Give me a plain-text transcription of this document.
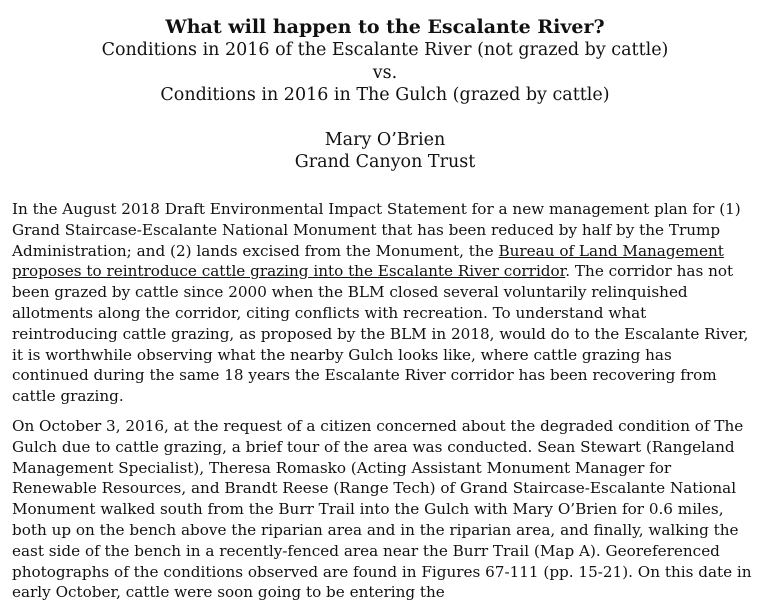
What will happen to the Escalante River?
Conditions in 2016 of the Escalante River (not grazed by cattle)
vs.
Conditions in 2016 in The Gulch (grazed by cattle)
Mary O’Brien
Grand Canyon Trust

In the August 2018 Draft Environmental Impact Statement for a new management plan for (1) Grand Staircase-Escalante National Monument that has been reduced by half by the Trump Administration; and (2) lands excised from the Monument, the Bureau of Land Management proposes to reintroduce cattle grazing into the Escalante River corridor. The corridor has not been grazed by cattle since 2000 when the BLM closed several voluntarily relinquished allotments along the corridor, citing conflicts with recreation. To understand what reintroducing cattle grazing, as proposed by the BLM in 2018, would do to the Escalante River, it is worthwhile observing what the nearby Gulch looks like, where cattle grazing has continued during the same 18 years the Escalante River corridor has been recovering from cattle grazing.

On October 3, 2016, at the request of a citizen concerned about the degraded condition of The Gulch due to cattle grazing, a brief tour of the area was conducted. Sean Stewart (Rangeland Management Specialist), Theresa Romasko (Acting Assistant Monument Manager for Renewable Resources, and Brandt Reese (Range Tech) of Grand Staircase-Escalante National Monument walked south from the Burr Trail into the Gulch with Mary O’Brien for 0.6 miles, both up on the bench above the riparian area and in the riparian area, and finally, walking the east side of the bench in a recently-fenced area near the Burr Trail (Map A). Georeferenced photographs of the conditions observed are found in Figures 67-111 (pp. 15-21). On this date in early October, cattle were soon going to be entering the
